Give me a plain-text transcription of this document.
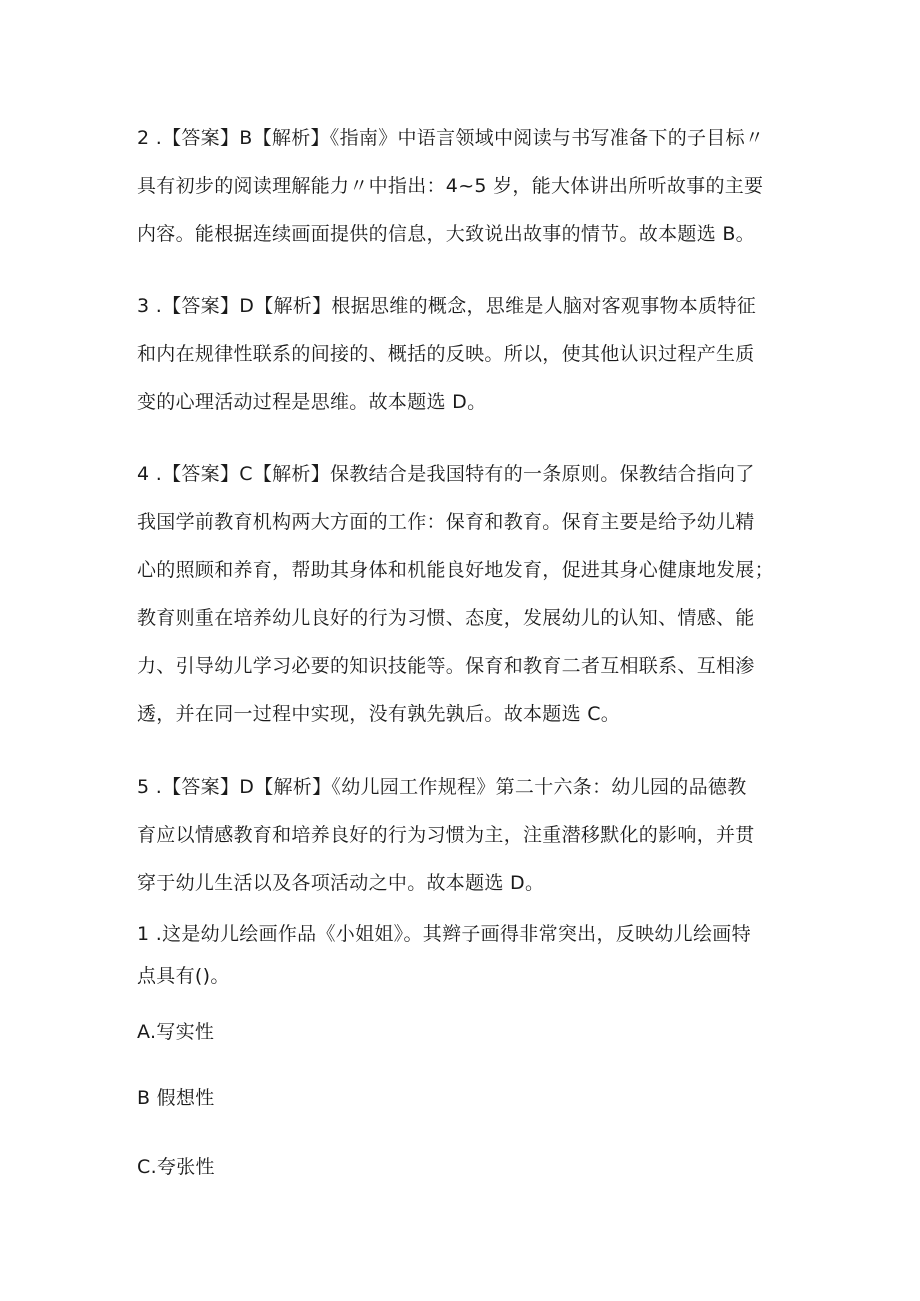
2 .【答案】B【解析】《指南》中语言领域中阅读与书写准备下的子目标〃
具有初步的阅读理解能力〃中指出：4~5 岁，能大体讲出所听故事的主要
内容。能根据连续画面提供的信息，大致说出故事的情节。故本题选 B。

3 .【答案】D【解析】根据思维的概念，思维是人脑对客观事物本质特征
和内在规律性联系的间接的、概括的反映。所以，使其他认识过程产生质
变的心理活动过程是思维。故本题选 D。

4 .【答案】C【解析】保教结合是我国特有的一条原则。保教结合指向了
我国学前教育机构两大方面的工作：保育和教育。保育主要是给予幼儿精
心的照顾和养育，帮助其身体和机能良好地发育，促进其身心健康地发展；
教育则重在培养幼儿良好的行为习惯、态度，发展幼儿的认知、情感、能
力、引导幼儿学习必要的知识技能等。保育和教育二者互相联系、互相渗
透，并在同一过程中实现，没有孰先孰后。故本题选 C。

5 .【答案】D【解析】《幼儿园工作规程》第二十六条：幼儿园的品德教
育应以情感教育和培养良好的行为习惯为主，注重潜移默化的影响，并贯
穿于幼儿生活以及各项活动之中。故本题选 D。

1 .这是幼儿绘画作品《小姐姐》。其辫子画得非常突出，反映幼儿绘画特
点具有()。

A.写实性

B 假想性

C.夸张性
